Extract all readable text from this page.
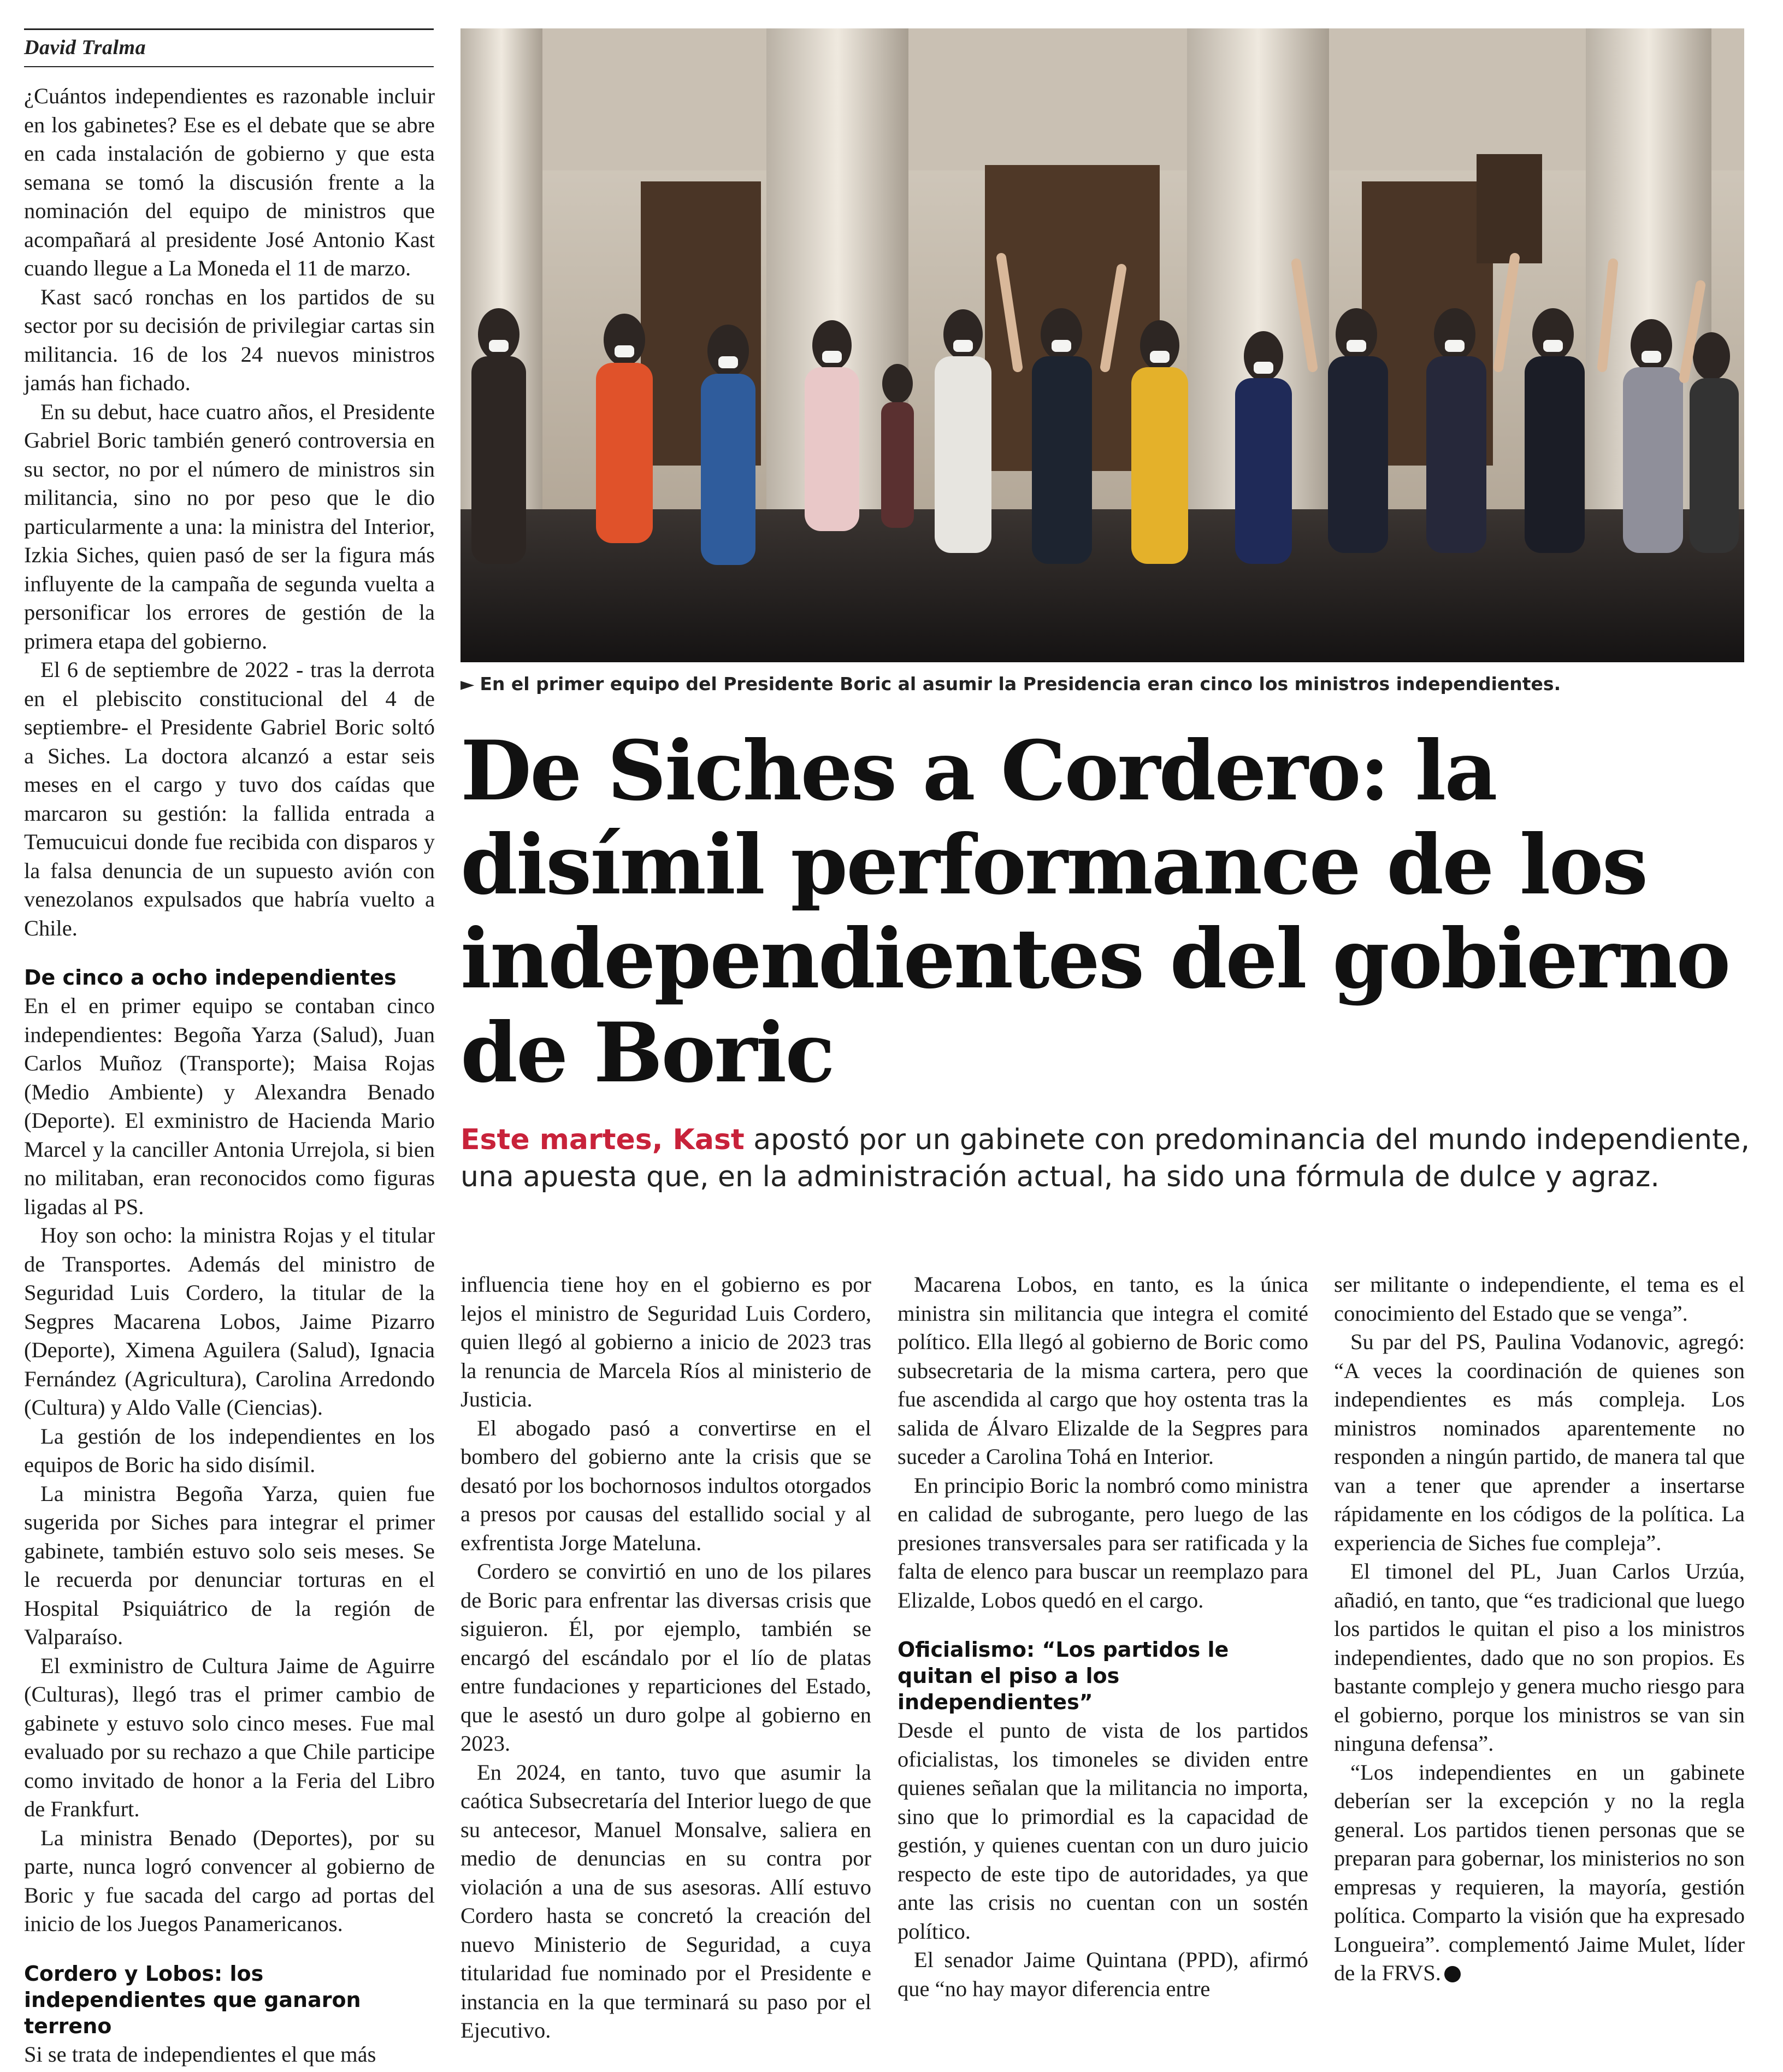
David Tralma

¿Cuántos independientes es razonable incluir en los gabinetes? Ese es el debate que se abre en cada instalación de gobierno y que esta semana se tomó la discusión frente a la nominación del equipo de ministros que acompañará al presidente José Antonio Kast cuando llegue a La Moneda el 11 de marzo.

Kast sacó ronchas en los partidos de su sector por su decisión de privilegiar cartas sin militancia. 16 de los 24 nuevos ministros jamás han fichado.

En su debut, hace cuatro años, el Presidente Gabriel Boric también generó controversia en su sector, no por el número de ministros sin militancia, sino no por peso que le dio particularmente a una: la ministra del Interior, Izkia Siches, quien pasó de ser la figura más influyente de la campaña de segunda vuelta a personificar los errores de gestión de la primera etapa del gobierno.

El 6 de septiembre de 2022 - tras la derrota en el plebiscito constitucional del 4 de septiembre- el Presidente Gabriel Boric soltó a Siches. La doctora alcanzó a estar seis meses en el cargo y tuvo dos caídas que marcaron su gestión: la fallida entrada a Temucuicui donde fue recibida con disparos y la falsa denuncia de un supuesto avión con venezolanos expulsados que habría vuelto a Chile.

De cinco a ocho independientes

En el en primer equipo se contaban cinco independientes: Begoña Yarza (Salud), Juan Carlos Muñoz (Transporte); Maisa Rojas (Medio Ambiente) y Alexandra Benado (Deporte). El exministro de Hacienda Mario Marcel y la canciller Antonia Urrejola, si bien no militaban, eran reconocidos como figuras ligadas al PS.

Hoy son ocho: la ministra Rojas y el titular de Transportes. Además del ministro de Seguridad Luis Cordero, la titular de la Segpres Macarena Lobos, Jaime Pizarro (Deporte), Ximena Aguilera (Salud), Ignacia Fernández (Agricultura), Carolina Arredondo (Cultura) y Aldo Valle (Ciencias).

La gestión de los independientes en los equipos de Boric ha sido disímil.

La ministra Begoña Yarza, quien fue sugerida por Siches para integrar el primer gabinete, también estuvo solo seis meses. Se le recuerda por denunciar torturas en el Hospital Psiquiátrico de la región de Valparaíso.

El exministro de Cultura Jaime de Aguirre (Culturas), llegó tras el primer cambio de gabinete y estuvo solo cinco meses. Fue mal evaluado por su rechazo a que Chile participe como invitado de honor a la Feria del Libro de Frankfurt.

La ministra Benado (Deportes), por su parte, nunca logró convencer al gobierno de Boric y fue sacada del cargo ad portas del inicio de los Juegos Panamericanos.

Cordero y Lobos: los independientes que ganaron terreno

Si se trata de independientes el que más

► En el primer equipo del Presidente Boric al asumir la Presidencia eran cinco los ministros independientes.
De Siches a Cordero: la disímil performance de los independientes del gobierno de Boric

Este martes, Kast apostó por un gabinete con predominancia del mundo independiente, una apuesta que, en la administración actual, ha sido una fórmula de dulce y agraz.

influencia tiene hoy en el gobierno es por lejos el ministro de Seguridad Luis Cordero, quien llegó al gobierno a inicio de 2023 tras la renuncia de Marcela Ríos al ministerio de Justicia.

El abogado pasó a convertirse en el bombero del gobierno ante la crisis que se desató por los bochornosos indultos otorgados a presos por causas del estallido social y al exfrentista Jorge Mateluna.

Cordero se convirtió en uno de los pilares de Boric para enfrentar las diversas crisis que siguieron. Él, por ejemplo, también se encargó del escándalo por el lío de platas entre fundaciones y reparticiones del Estado, que le asestó un duro golpe al gobierno en 2023.

En 2024, en tanto, tuvo que asumir la caótica Subsecretaría del Interior luego de que su antecesor, Manuel Monsalve, saliera en medio de denuncias en su contra por violación a una de sus asesoras. Allí estuvo Cordero hasta se concretó la creación del nuevo Ministerio de Seguridad, a cuya titularidad fue nominado por el Presidente e instancia en la que terminará su paso por el Ejecutivo.

Macarena Lobos, en tanto, es la única ministra sin militancia que integra el comité político. Ella llegó al gobierno de Boric como subsecretaria de la misma cartera, pero que fue ascendida al cargo que hoy ostenta tras la salida de Álvaro Elizalde de la Segpres para suceder a Carolina Tohá en Interior.

En principio Boric la nombró como ministra en calidad de subrogante, pero luego de las presiones transversales para ser ratificada y la falta de elenco para buscar un reemplazo para Elizalde, Lobos quedó en el cargo.

Oficialismo: “Los partidos le quitan el piso a los independientes”

Desde el punto de vista de los partidos oficialistas, los timoneles se dividen entre quienes señalan que la militancia no importa, sino que lo primordial es la capacidad de gestión, y quienes cuentan con un duro juicio respecto de este tipo de autoridades, ya que ante las crisis no cuentan con un sostén político.

El senador Jaime Quintana (PPD), afirmó que “no hay mayor diferencia entre

ser militante o independiente, el tema es el conocimiento del Estado que se venga”.

Su par del PS, Paulina Vodanovic, agregó: “A veces la coordinación de quienes son independientes es más compleja. Los ministros nominados aparentemente no responden a ningún partido, de manera tal que van a tener que aprender a insertarse rápidamente en los códigos de la política. La experiencia de Siches fue compleja”.

El timonel del PL, Juan Carlos Urzúa, añadió, en tanto, que “es tradicional que luego los partidos le quitan el piso a los ministros independientes, dado que no son propios. Es bastante complejo y genera mucho riesgo para el gobierno, porque los ministros se van sin ninguna defensa”.

“Los independientes en un gabinete deberían ser la excepción y no la regla general. Los partidos tienen personas que se preparan para gobernar, los ministerios no son empresas y requieren, la mayoría, gestión política. Comparto la visión que ha expresado Longueira”. complementó Jaime Mulet, líder de la FRVS.
